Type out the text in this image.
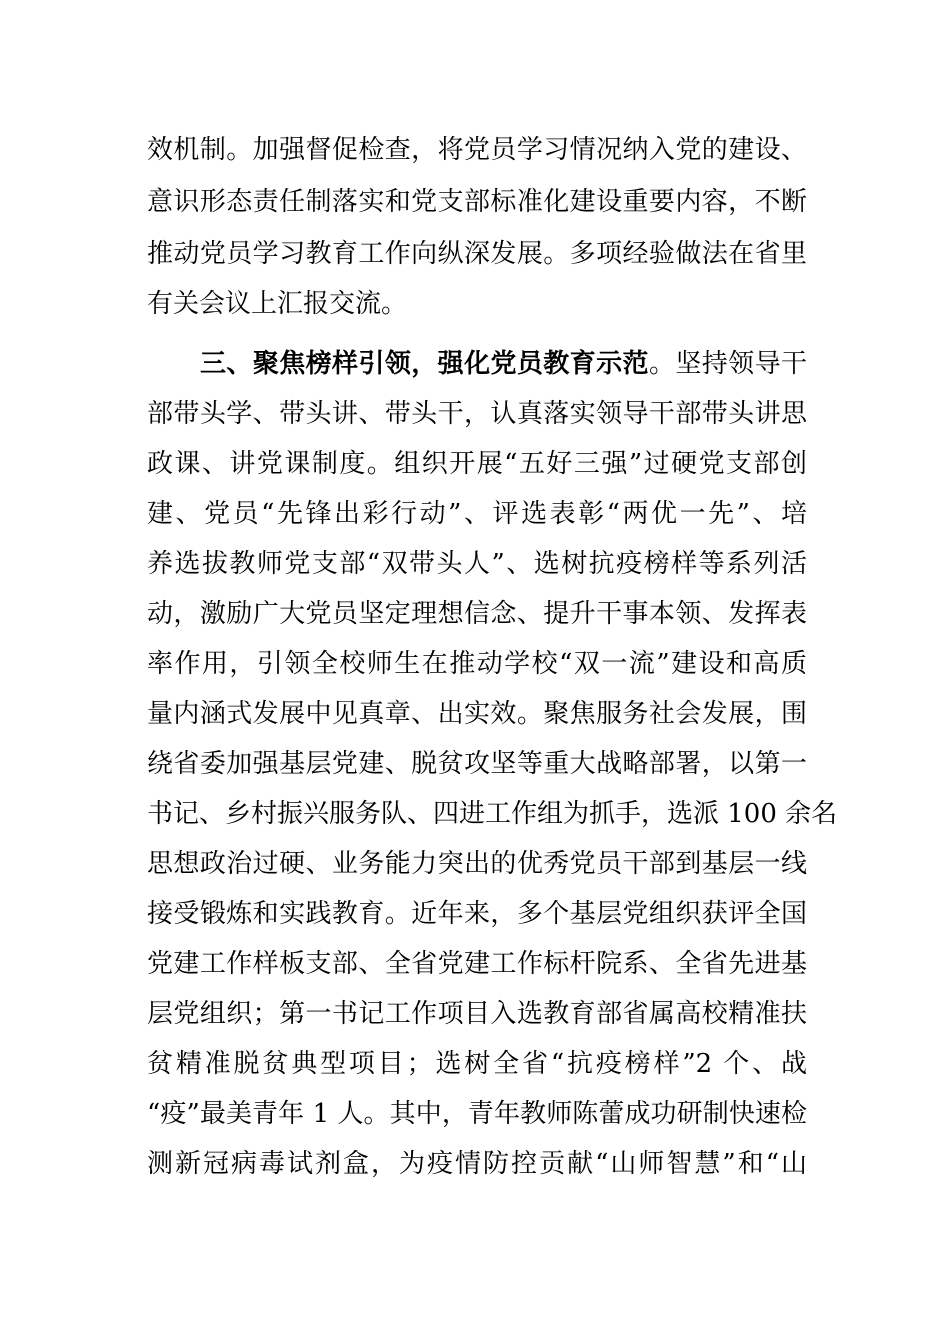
效机制。加强督促检查，将党员学习情况纳入党的建设、
意识形态责任制落实和党支部标准化建设重要内容，不断
推动党员学习教育工作向纵深发展。多项经验做法在省里
有关会议上汇报交流。
三、聚焦榜样引领，强化党员教育示范。坚持领导干
部带头学、带头讲、带头干，认真落实领导干部带头讲思
政课、讲党课制度。组织开展“五好三强”过硬党支部创
建、党员“先锋出彩行动”、评选表彰“两优一先”、培
养选拔教师党支部“双带头人”、选树抗疫榜样等系列活
动，激励广大党员坚定理想信念、提升干事本领、发挥表
率作用，引领全校师生在推动学校“双一流”建设和高质
量内涵式发展中见真章、出实效。聚焦服务社会发展，围
绕省委加强基层党建、脱贫攻坚等重大战略部署，以第一
书记、乡村振兴服务队、四进工作组为抓手，选派 100 余名
思想政治过硬、业务能力突出的优秀党员干部到基层一线
接受锻炼和实践教育。近年来，多个基层党组织获评全国
党建工作样板支部、全省党建工作标杆院系、全省先进基
层党组织；第一书记工作项目入选教育部省属高校精准扶
贫精准脱贫典型项目；选树全省“抗疫榜样”2 个、战
“疫”最美青年 1 人。其中，青年教师陈蕾成功研制快速检
测新冠病毒试剂盒，为疫情防控贡献“山师智慧”和“山
